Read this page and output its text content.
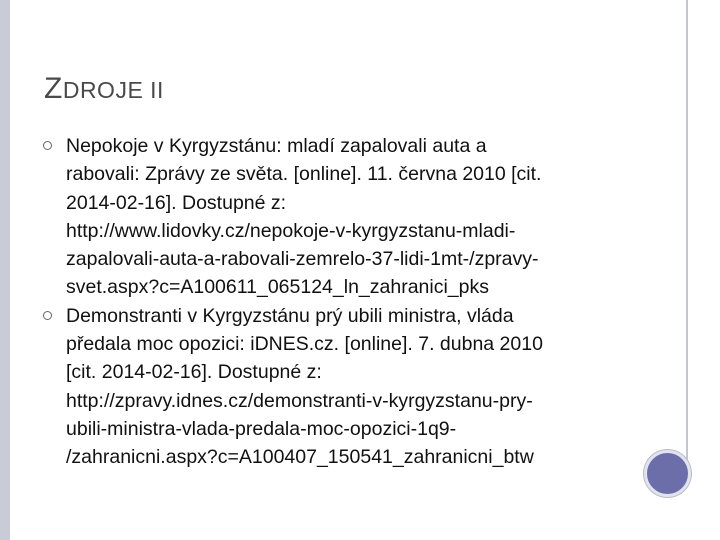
ZDROJE II
Nepokoje v Kyrgyzstánu: mladí zapalovali auta a
rabovali: Zprávy ze světa. [online]. 11. června 2010 [cit.
2014-02-16]. Dostupné z:
http://www.lidovky.cz/nepokoje-v-kyrgyzstanu-mladi-
zapalovali-auta-a-rabovali-zemrelo-37-lidi-1mt-/zpravy-
svet.aspx?c=A100611_065124_ln_zahranici_pks
Demonstranti v Kyrgyzstánu prý ubili ministra, vláda
předala moc opozici: iDNES.cz. [online]. 7. dubna 2010
[cit. 2014-02-16]. Dostupné z:
http://zpravy.idnes.cz/demonstranti-v-kyrgyzstanu-pry-
ubili-ministra-vlada-predala-moc-opozici-1q9-
/zahranicni.aspx?c=A100407_150541_zahranicni_btw
